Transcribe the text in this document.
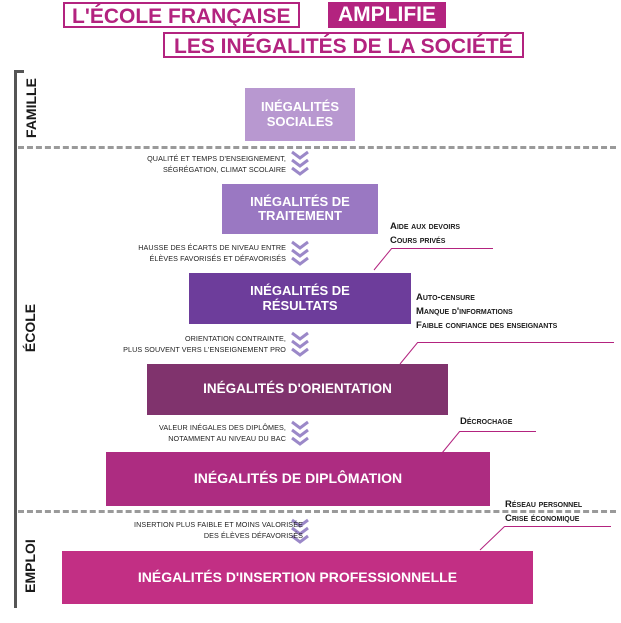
L'ÉCOLE FRANÇAISE	AMPLIFIE
LES INÉGALITÉS DE LA SOCIÉTÉ
FAMILLE
ÉCOLE
EMPLOI
INÉGALITÉS
SOCIALES
INÉGALITÉS DE
TRAITEMENT
INÉGALITÉS DE
RÉSULTATS
INÉGALITÉS D'ORIENTATION
INÉGALITÉS DE DIPLÔMATION
INÉGALITÉS D'INSERTION PROFESSIONNELLE
QUALITÉ ET TEMPS D'ENSEIGNEMENT,
SÉGRÉGATION, CLIMAT SCOLAIRE
HAUSSE DES ÉCARTS DE NIVEAU ENTRE
ÉLÈVES FAVORISÉS ET DÉFAVORISÉS
ORIENTATION CONTRAINTE,
PLUS SOUVENT VERS L'ENSEIGNEMENT PRO
VALEUR INÉGALES DES DIPLÔMES,
NOTAMMENT AU NIVEAU DU BAC
INSERTION PLUS FAIBLE ET MOINS VALORISÉE
DES ÉLÈVES DÉFAVORISÉS
Aide aux devoirs
Cours privés
Auto-censure
Manque d'informations
Faible confiance des enseignants
Décrochage
Réseau personnel
Crise économique
